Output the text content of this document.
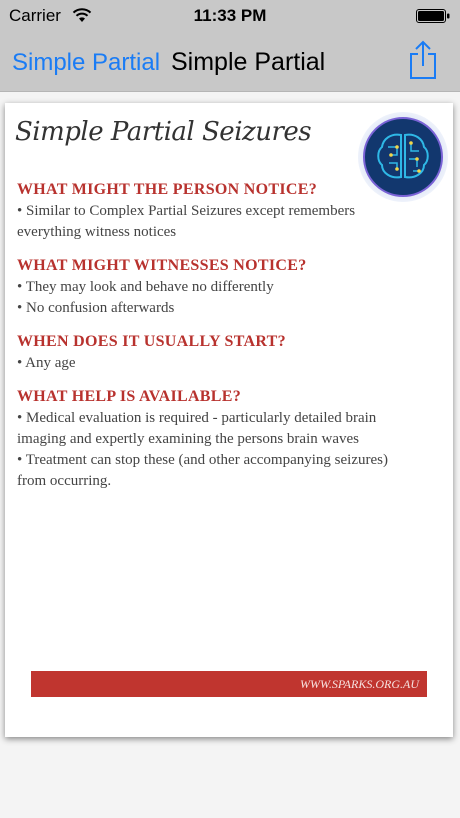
Carrier	11:33 PM
Simple Partial Simple Partial
Simple Partial Seizures
WHAT MIGHT THE PERSON NOTICE?
• Similar to Complex Partial Seizures except remembers everything witness notices
WHAT MIGHT WITNESSES NOTICE?
• They may look and behave no differently
• No confusion afterwards
WHEN DOES IT USUALLY START?
• Any age
WHAT HELP IS AVAILABLE?
• Medical evaluation is required - particularly detailed brain imaging and expertly examining the persons brain waves
• Treatment can stop these (and other accompanying seizures) from occurring.
WWW.SPARKS.ORG.AU
